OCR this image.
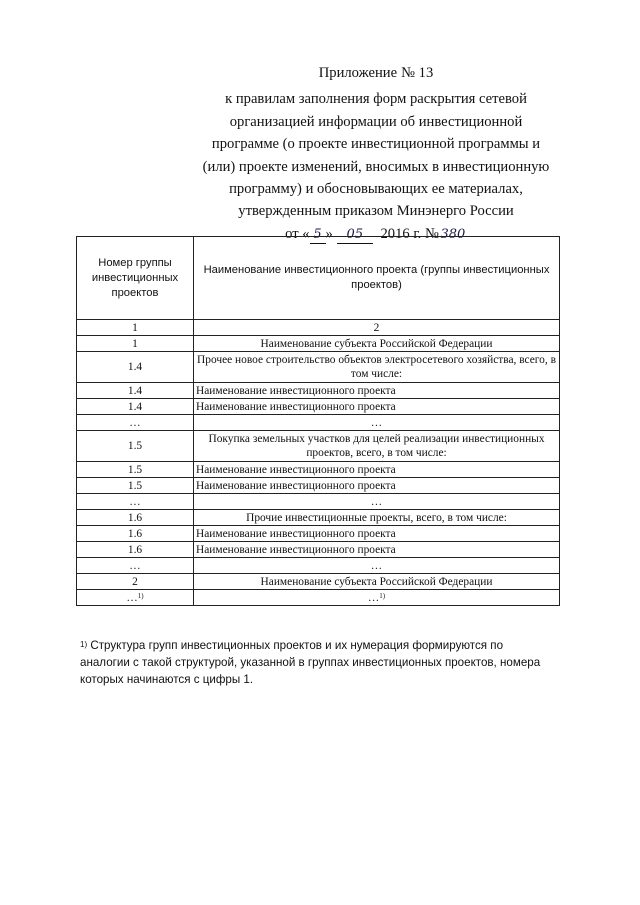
Приложение № 13
к правилам заполнения форм раскрытия сетевой
организацией информации об инвестиционной
программе (о проекте инвестиционной программы и
(или) проекте изменений, вносимых в инвестиционную
программу) и обосновывающих ее материалах,
утвержденным приказом Минэнерго России
от « 5 » 05 2016 г. № 380
Номер группы инвестиционных проектов	Наименование инвестиционного проекта (группы инвестиционных проектов)
1	2
1	Наименование субъекта Российской Федерации
1.4	Прочее новое строительство объектов электросетевого хозяйства, всего, в том числе:
1.4	Наименование инвестиционного проекта
1.4	Наименование инвестиционного проекта
…	…
1.5	Покупка земельных участков для целей реализации инвестиционных проектов, всего, в том числе:
1.5	Наименование инвестиционного проекта
1.5	Наименование инвестиционного проекта
…	…
1.6	Прочие инвестиционные проекты, всего, в том числе:
1.6	Наименование инвестиционного проекта
1.6	Наименование инвестиционного проекта
…	…
2	Наименование субъекта Российской Федерации
…$^{1)}$	…$^{1)}$
$^{1)}$ Структура групп инвестиционных проектов и их нумерация формируются по аналогии с такой структурой, указанной в группах инвестиционных проектов, номера которых начинаются с цифры 1.
